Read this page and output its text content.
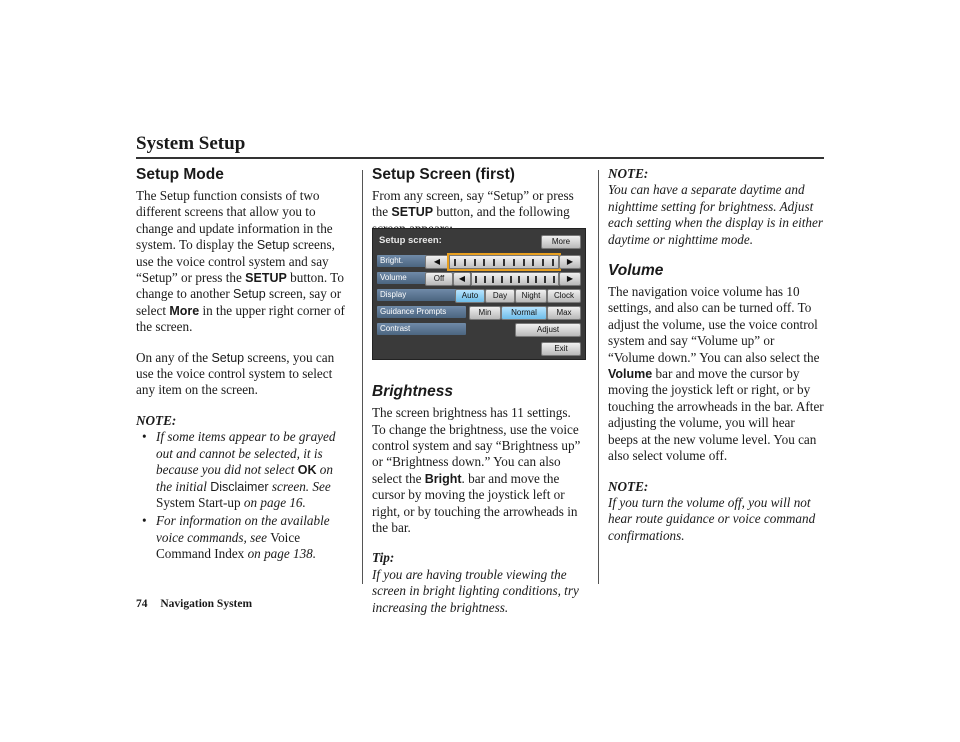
System Setup
Setup Mode

The Setup function consists of two different screens that allow you to change and update information in the system. To display the Setup screens, use the voice control system and say “Setup” or press the SETUP button. To change to another Setup screen, say or select More in the upper right corner of the screen.

On any of the Setup screens, you can use the voice control system to select any item on the screen.

NOTE:
• If some items appear to be grayed out and cannot be selected, it is because you did not select OK on the initial Disclaimer screen. See System Start-up on page 16.
• For information on the available voice commands, see Voice Command Index on page 138.
Setup Screen (first)

From any screen, say “Setup” or press the SETUP button, and the following

Brightness

The screen brightness has 11 settings. To change the brightness, use the voice control system and say “Brightness up” or “Brightness down.” You can also select the Bright. bar and move the cursor by moving the joystick left or right, or by touching the arrowheads in the bar.

Tip:

If you are having trouble viewing the screen in bright lighting conditions, try increasing the brightness.

Setup screen:	More
Bright.	◀	▶
Volume	Off	◀	▶
Display	Auto	Day	Night	Clock
Guidance Prompts	Min	Normal	Max
Contrast	Adjust
Exit
NOTE:

You can have a separate daytime and nighttime setting for brightness. Adjust each setting when the display is in either daytime or nighttime mode.

Volume

The navigation voice volume has 10 settings, and also can be turned off. To adjust the volume, use the voice control system and say “Volume up” or “Volume down.” You can also select the Volume bar and move the cursor by moving the joystick left or right, or by touching the arrowheads in the bar. After adjusting the volume, you will hear beeps at the new volume level. You can also select volume off.

NOTE:

If you turn the volume off, you will not hear route guidance or voice command confirmations.

74 Navigation System
